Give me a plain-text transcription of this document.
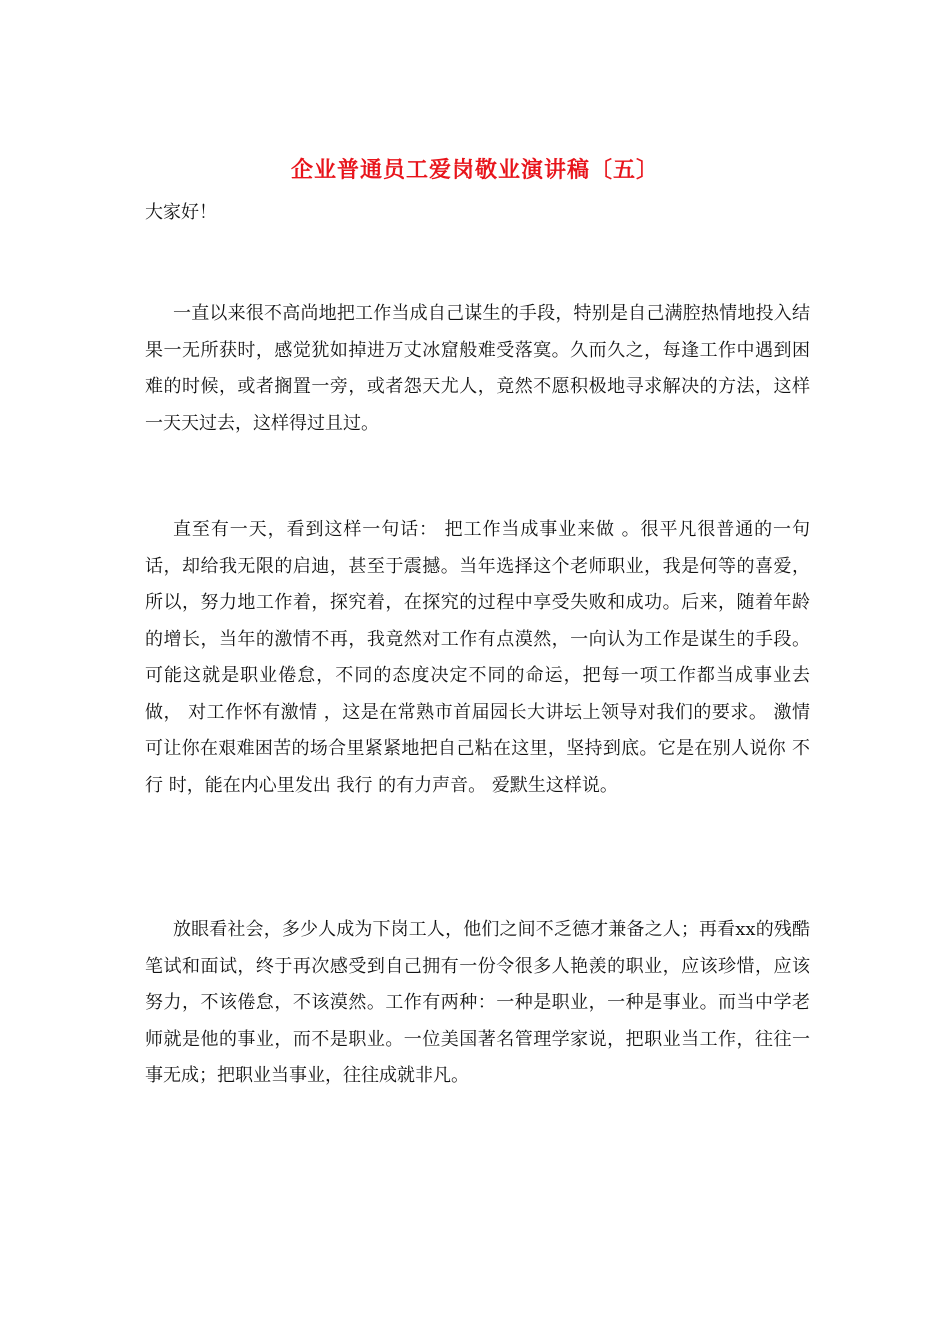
企业普通员工爱岗敬业演讲稿〔五〕
大家好！

一直以来很不高尚地把工作当成自己谋生的手段，特别是自己满腔热情地投入结果一无所获时，感觉犹如掉进万丈冰窟般难受落寞。久而久之，每逢工作中遇到困难的时候，或者搁置一旁，或者怨天尤人，竟然不愿积极地寻求解决的方法，这样一天天过去，这样得过且过。

直至有一天，看到这样一句话： 把工作当成事业来做 。很平凡很普通的一句话，却给我无限的启迪，甚至于震撼。当年选择这个老师职业，我是何等的喜爱，所以，努力地工作着，探究着，在探究的过程中享受失败和成功。后来，随着年龄的增长，当年的激情不再，我竟然对工作有点漠然，一向认为工作是谋生的手段。可能这就是职业倦怠，不同的态度决定不同的命运，把每一项工作都当成事业去做， 对工作怀有激情 ，这是在常熟市首届园长大讲坛上领导对我们的要求。 激情可让你在艰难困苦的场合里紧紧地把自己粘在这里，坚持到底。它是在别人说你 不行 时，能在内心里发出 我行 的有力声音。 爱默生这样说。

放眼看社会，多少人成为下岗工人，他们之间不乏德才兼备之人；再看xx的残酷笔试和面试，终于再次感受到自己拥有一份令很多人艳羡的职业，应该珍惜，应该努力，不该倦怠，不该漠然。工作有两种：一种是职业，一种是事业。而当中学老师就是他的事业，而不是职业。一位美国著名管理学家说，把职业当工作，往往一事无成；把职业当事业，往往成就非凡。
